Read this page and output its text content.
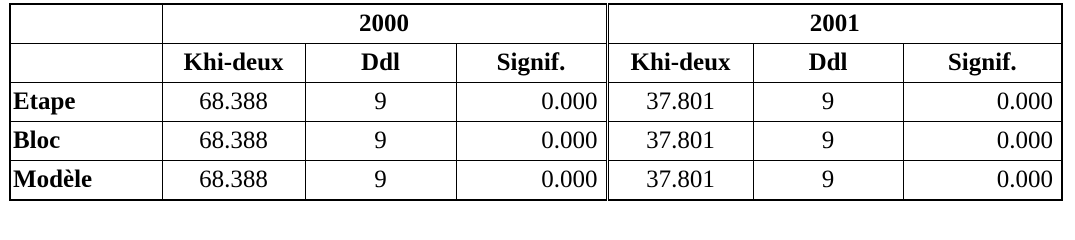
	2000			2001		
	Khi-deux	Ddl	Signif.	Khi-deux	Ddl	Signif.
Etape	68.388	9	0.000	37.801	9	0.000
Bloc	68.388	9	0.000	37.801	9	0.000
Modèle	68.388	9	0.000	37.801	9	0.000
